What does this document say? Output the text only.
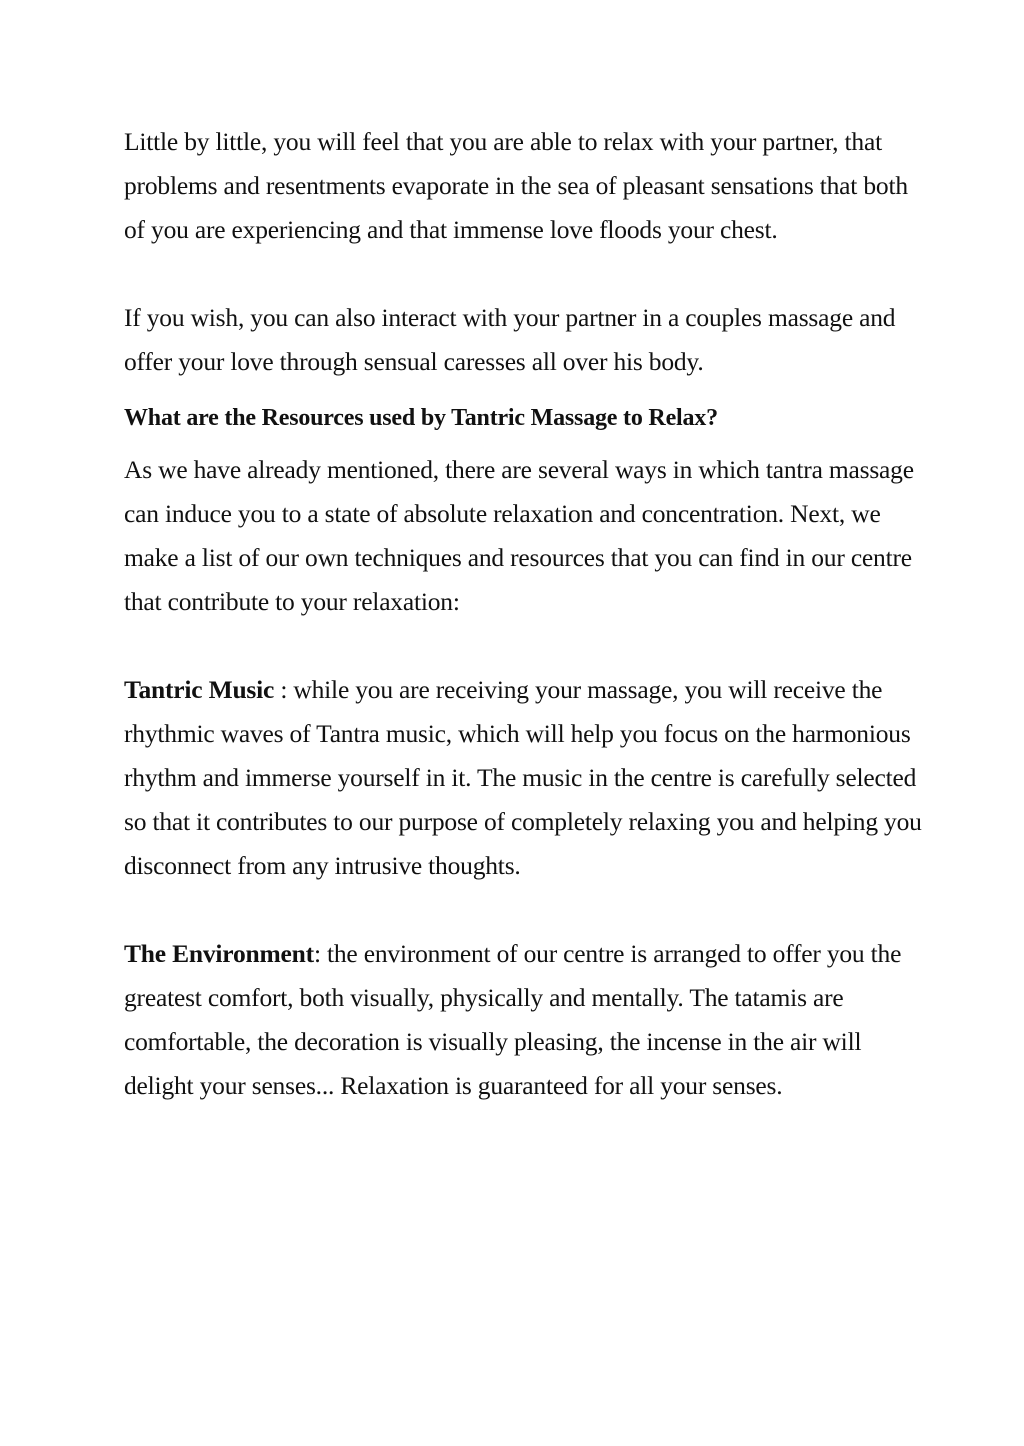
Little by little, you will feel that you are able to relax with your partner, that problems and resentments evaporate in the sea of pleasant sensations that both of you are experiencing and that immense love floods your chest.

If you wish, you can also interact with your partner in a couples massage and offer your love through sensual caresses all over his body.

What are the Resources used by Tantric Massage to Relax?

As we have already mentioned, there are several ways in which tantra massage can induce you to a state of absolute relaxation and concentration. Next, we make a list of our own techniques and resources that you can find in our centre that contribute to your relaxation:

Tantric Music : while you are receiving your massage, you will receive the rhythmic waves of Tantra music, which will help you focus on the harmonious rhythm and immerse yourself in it. The music in the centre is carefully selected so that it contributes to our purpose of completely relaxing you and helping you disconnect from any intrusive thoughts.

The Environment: the environment of our centre is arranged to offer you the greatest comfort, both visually, physically and mentally. The tatamis are comfortable, the decoration is visually pleasing, the incense in the air will delight your senses... Relaxation is guaranteed for all your senses.
